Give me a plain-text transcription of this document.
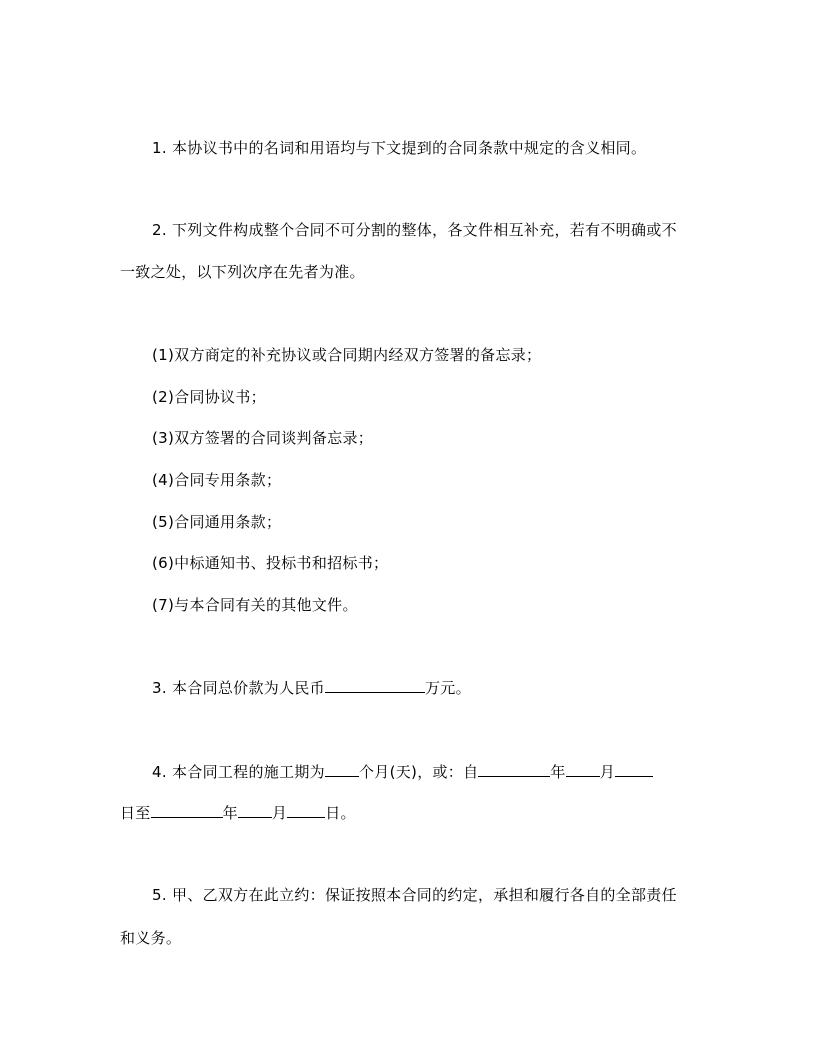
1. 本协议书中的名词和用语均与下文提到的合同条款中规定的含义相同。
2. 下列文件构成整个合同不可分割的整体，各文件相互补充，若有不明确或不
一致之处，以下列次序在先者为准。
(1)双方商定的补充协议或合同期内经双方签署的备忘录；
(2)合同协议书；
(3)双方签署的合同谈判备忘录；
(4)合同专用条款；
(5)合同通用条款；
(6)中标通知书、投标书和招标书；
(7)与本合同有关的其他文件。
3. 本合同总价款为人民币	万元。
4. 本合同工程的施工期为 个月(天)，或：自	年 月
日至	年 月	日。
5. 甲、乙双方在此立约：保证按照本合同的约定，承担和履行各自的全部责任
和义务。
